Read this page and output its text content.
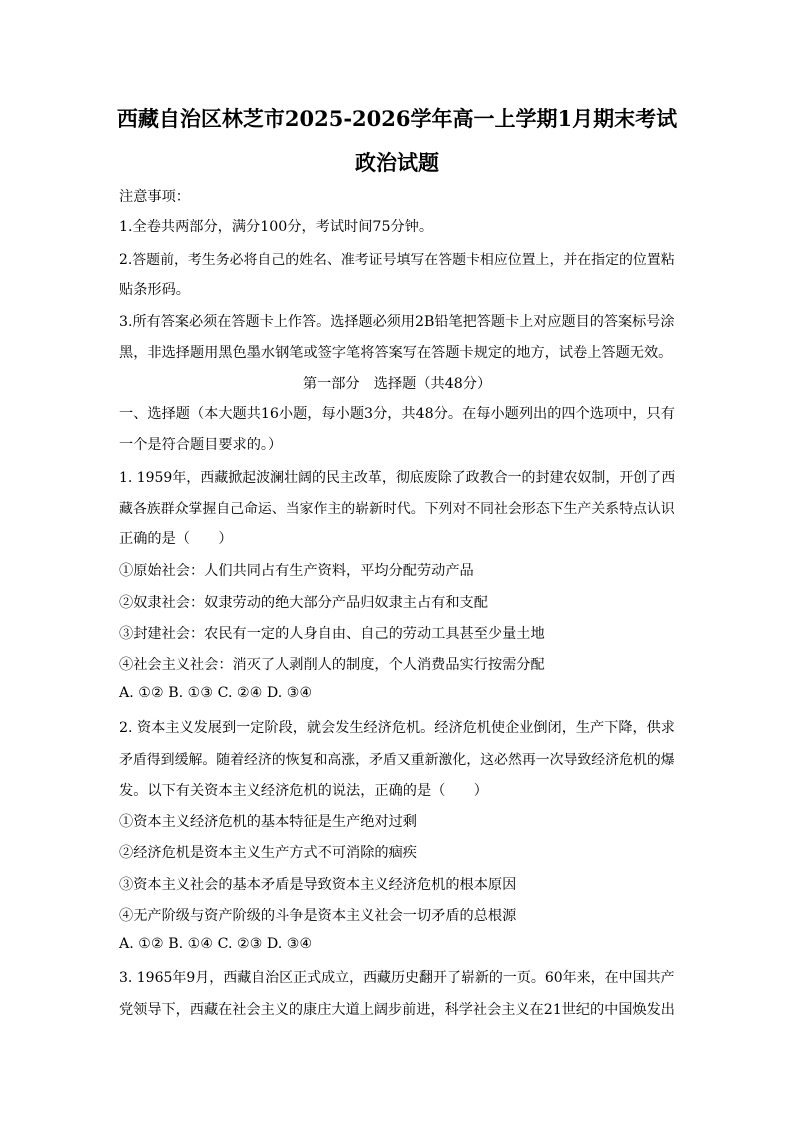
西藏自治区林芝市2025-2026学年高一上学期1月期末考试
政治试题
注意事项：
1.全卷共两部分，满分100分，考试时间75分钟。
2.答题前，考生务必将自己的姓名、准考证号填写在答题卡相应位置上，并在指定的位置粘
贴条形码。
3.所有答案必须在答题卡上作答。选择题必须用2B铅笔把答题卡上对应题目的答案标号涂
黑，非选择题用黑色墨水钢笔或签字笔将答案写在答题卡规定的地方，试卷上答题无效。
第一部分　选择题（共48分）
一、选择题（本大题共16小题，每小题3分，共48分。在每小题列出的四个选项中，只有
一个是符合题目要求的。）
1. 1959年，西藏掀起波澜壮阔的民主改革，彻底废除了政教合一的封建农奴制，开创了西
藏各族群众掌握自己命运、当家作主的崭新时代。下列对不同社会形态下生产关系特点认识
正确的是（　　）
①原始社会：人们共同占有生产资料，平均分配劳动产品
②奴隶社会：奴隶劳动的绝大部分产品归奴隶主占有和支配
③封建社会：农民有一定的人身自由、自己的劳动工具甚至少量土地
④社会主义社会：消灭了人剥削人的制度，个人消费品实行按需分配
A. ①② B. ①③ C. ②④ D. ③④
2. 资本主义发展到一定阶段，就会发生经济危机。经济危机使企业倒闭，生产下降，供求
矛盾得到缓解。随着经济的恢复和高涨，矛盾又重新激化，这必然再一次导致经济危机的爆
发。以下有关资本主义经济危机的说法，正确的是（　　）
①资本主义经济危机的基本特征是生产绝对过剩
②经济危机是资本主义生产方式不可消除的痼疾
③资本主义社会的基本矛盾是导致资本主义经济危机的根本原因
④无产阶级与资产阶级的斗争是资本主义社会一切矛盾的总根源
A. ①② B. ①④ C. ②③ D. ③④
3. 1965年9月，西藏自治区正式成立，西藏历史翻开了崭新的一页。60年来，在中国共产
党领导下，西藏在社会主义的康庄大道上阔步前进，科学社会主义在21世纪的中国焕发出
